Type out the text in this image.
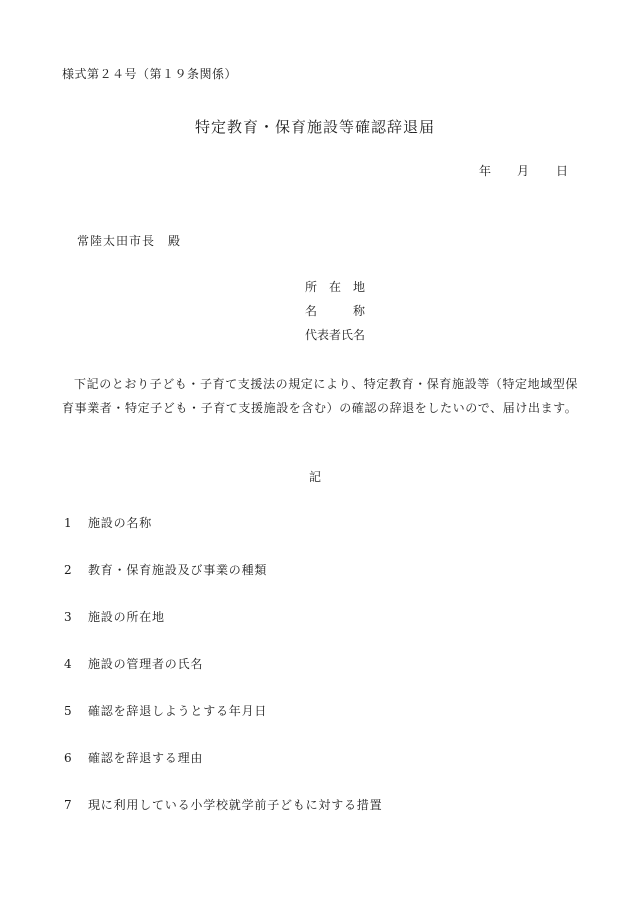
様式第２４号（第１９条関係）
特定教育・保育施設等確認辞退届
年 月 日
常陸太田市長　殿
所　在　地
名　　　称
代表者氏名

下記のとおり子ども・子育て支援法の規定により、特定教育・保育施設等（特定地域型保育事業者・特定子ども・子育て支援施設を含む）の確認の辞退をしたいので、届け出ます。

記
1 施設の名称
2 教育・保育施設及び事業の種類
3 施設の所在地
4 施設の管理者の氏名
5 確認を辞退しようとする年月日
6 確認を辞退する理由
7 現に利用している小学校就学前子どもに対する措置
